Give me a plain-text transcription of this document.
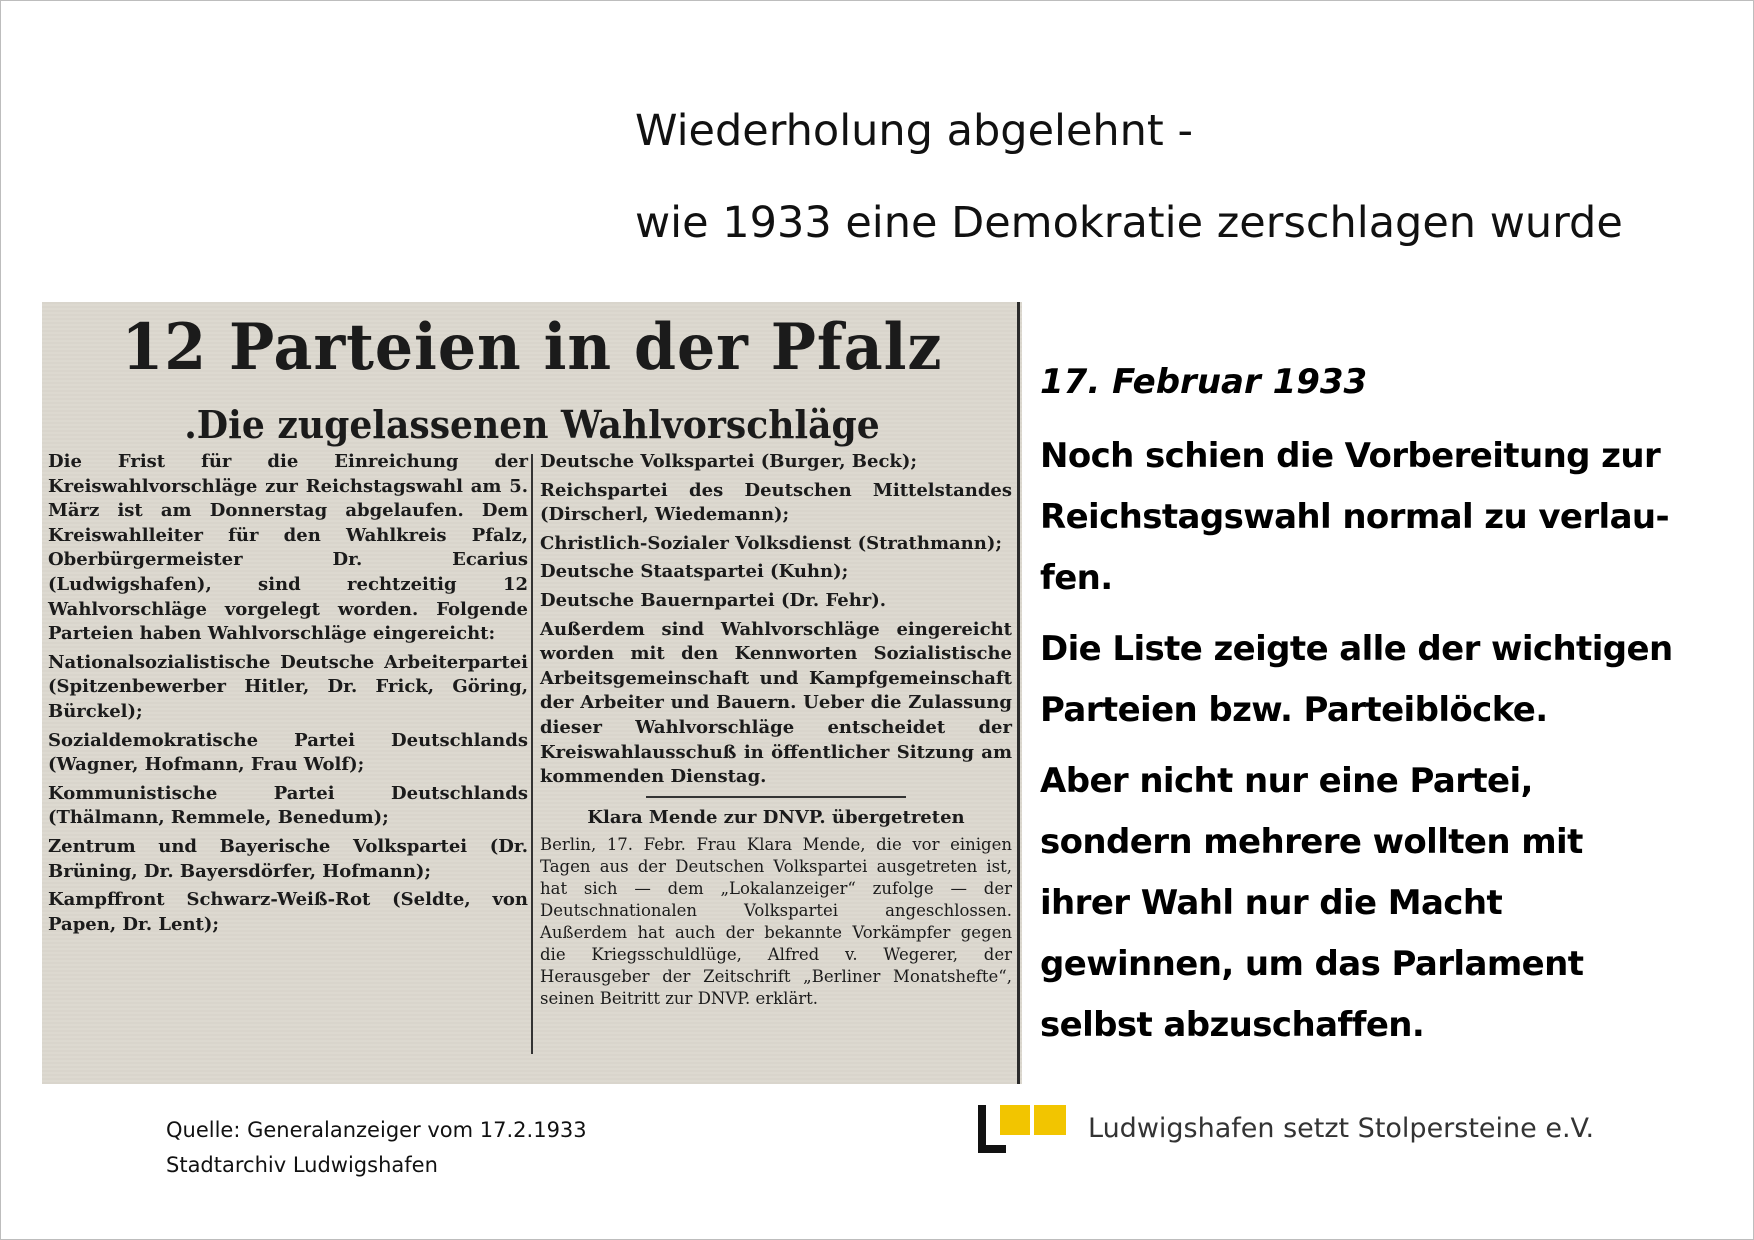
Wiederholung abgelehnt -
wie 1933 eine Demokratie zerschlagen wurde
12 Parteien in der Pfalz
.Die zugelassenen Wahlvorschläge

Die Frist für die Einreichung der Kreiswahlvorschläge zur Reichstagswahl am 5. März ist am Donnerstag abgelaufen. Dem Kreiswahlleiter für den Wahlkreis Pfalz, Oberbürgermeister Dr. Ecarius (Ludwigshafen), sind rechtzeitig 12 Wahlvorschläge vorgelegt worden. Folgende Parteien haben Wahlvorschläge eingereicht:

Nationalsozialistische Deutsche Arbeiterpartei (Spitzenbewerber Hitler, Dr. Frick, Göring, Bürckel);

Sozialdemokratische Partei Deutschlands (Wagner, Hofmann, Frau Wolf);

Kommunistische Partei Deutschlands (Thälmann, Remmele, Benedum);

Zentrum und Bayerische Volkspartei (Dr. Brüning, Dr. Bayersdörfer, Hofmann);

Kampffront Schwarz-Weiß-Rot (Seldte, von Papen, Dr. Lent);

Deutsche Volkspartei (Burger, Beck);

Reichspartei des Deutschen Mittelstandes (Dirscherl, Wiedemann);

Christlich-Sozialer Volksdienst (Strathmann);

Deutsche Staatspartei (Kuhn);

Deutsche Bauernpartei (Dr. Fehr).

Außerdem sind Wahlvorschläge eingereicht worden mit den Kennworten Sozialistische Arbeitsgemeinschaft und Kampfgemeinschaft der Arbeiter und Bauern. Ueber die Zulassung dieser Wahlvorschläge entscheidet der Kreiswahlausschuß in öffentlicher Sitzung am kommenden Dienstag.

Klara Mende zur DNVP. übergetreten

Berlin, 17. Febr. Frau Klara Mende, die vor einigen Tagen aus der Deutschen Volkspartei ausgetreten ist, hat sich — dem „Lokalanzeiger“ zufolge — der Deutschnationalen Volkspartei angeschlossen. Außerdem hat auch der bekannte Vorkämpfer gegen die Kriegsschuldlüge, Alfred v. Wegerer, der Herausgeber der Zeitschrift „Berliner Monatshefte“, seinen Beitritt zur DNVP. erklärt.

17. Februar 1933

Noch schien die Vorbereitung zur Reichstagswahl normal zu verlau-fen.

Die Liste zeigte alle der wichtigen Parteien bzw. Parteiblöcke.

Aber nicht nur eine Partei, sondern mehrere wollten mit ihrer Wahl nur die Macht gewinnen, um das Parlament selbst abzuschaffen.

Quelle: Generalanzeiger vom 17.2.1933
Stadtarchiv Ludwigshafen
Ludwigshafen setzt Stolpersteine e.V.
